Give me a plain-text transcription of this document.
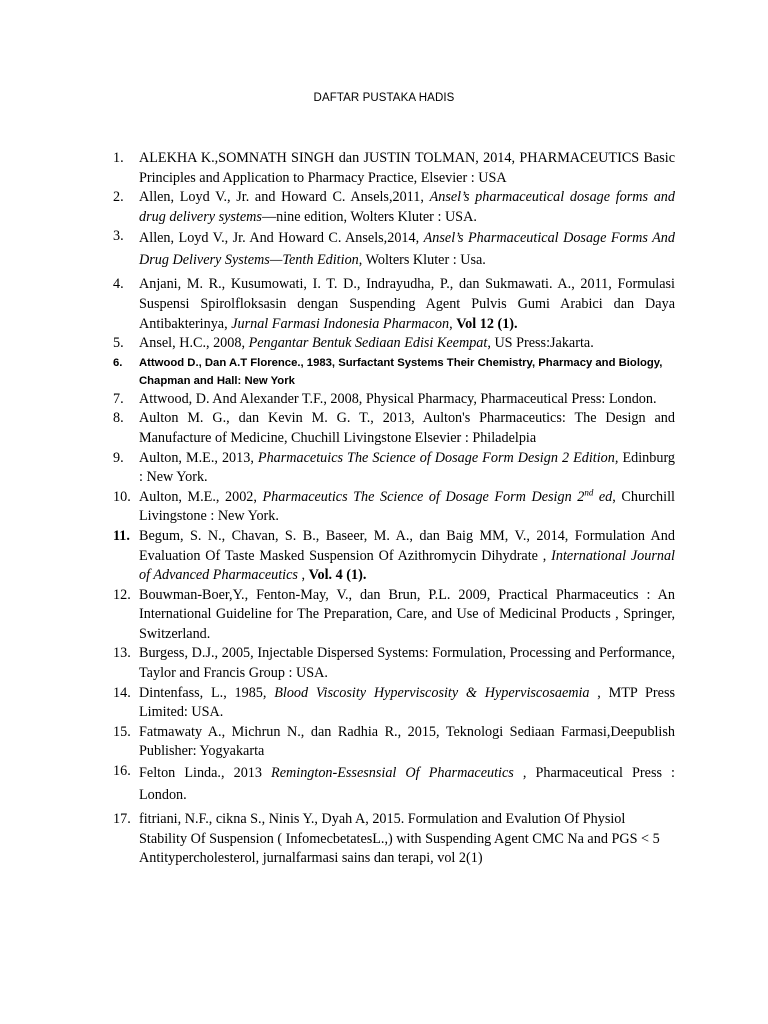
DAFTAR PUSTAKA HADIS
1.	ALEKHA K.,SOMNATH SINGH dan JUSTIN TOLMAN, 2014, PHARMACEUTICS Basic Principles and Application to Pharmacy Practice, Elsevier : USA
2.	Allen, Loyd V., Jr. and Howard C. Ansels,2011, Ansel’s pharmaceutical dosage forms and drug delivery systems—nine edition, Wolters Kluter : USA.
3.	Allen, Loyd V., Jr. And Howard C. Ansels,2014, Ansel’s Pharmaceutical Dosage Forms And Drug Delivery Systems—Tenth Edition, Wolters Kluter : Usa.
4.	Anjani, M. R., Kusumowati, I. T. D., Indrayudha, P., dan Sukmawati. A., 2011, Formulasi Suspensi Spirolfloksasin dengan Suspending Agent Pulvis Gumi Arabici dan Daya Antibakterinya, Jurnal Farmasi Indonesia Pharmacon, Vol 12 (1).
5.	Ansel, H.C., 2008, Pengantar Bentuk Sediaan Edisi Keempat, US Press:Jakarta.
6.	Attwood D., Dan A.T Florence., 1983, Surfactant Systems Their Chemistry, Pharmacy and Biology, Chapman and Hall: New York
7.	Attwood, D. And Alexander T.F., 2008, Physical Pharmacy, Pharmaceutical Press: London.
8.	Aulton M. G., dan Kevin M. G. T., 2013, Aulton's Pharmaceutics: The Design and Manufacture of Medicine, Chuchill Livingstone Elsevier : Philadelpia
9.	Aulton, M.E., 2013, Pharmacetuics The Science of Dosage Form Design 2 Edition, Edinburg : New York.
10. Aulton, M.E., 2002, Pharmaceutics The Science of Dosage Form Design 2nd ed, Churchill Livingstone : New York.
11. Begum, S. N., Chavan, S. B., Baseer, M. A., dan Baig MM, V., 2014, Formulation And Evaluation Of Taste Masked Suspension Of Azithromycin Dihydrate , International Journal of Advanced Pharmaceutics , Vol. 4 (1).
12. Bouwman-Boer,Y., Fenton-May, V., dan Brun, P.L. 2009, Practical Pharmaceutics : An International Guideline for The Preparation, Care, and Use of Medicinal Products , Springer, Switzerland.
13. Burgess, D.J., 2005, Injectable Dispersed Systems: Formulation, Processing and Performance, Taylor and Francis Group : USA.
14. Dintenfass, L., 1985, Blood Viscosity Hyperviscosity & Hyperviscosaemia , MTP Press Limited: USA.
15. Fatmawaty A., Michrun N., dan Radhia R., 2015, Teknologi Sediaan Farmasi,Deepublish Publisher: Yogyakarta
16. Felton Linda., 2013 Remington-Essesnsial Of Pharmaceutics , Pharmaceutical Press : London.
17. fitriani, N.F., cikna S., Ninis Y., Dyah A, 2015. Formulation and Evalution Of Physiol Stability Of Suspension ( InfomecbetatesL.,) with Suspending Agent CMC Na and PGS < 5 Antitypercholesterol, jurnalfarmasi sains dan terapi, vol 2(1)
